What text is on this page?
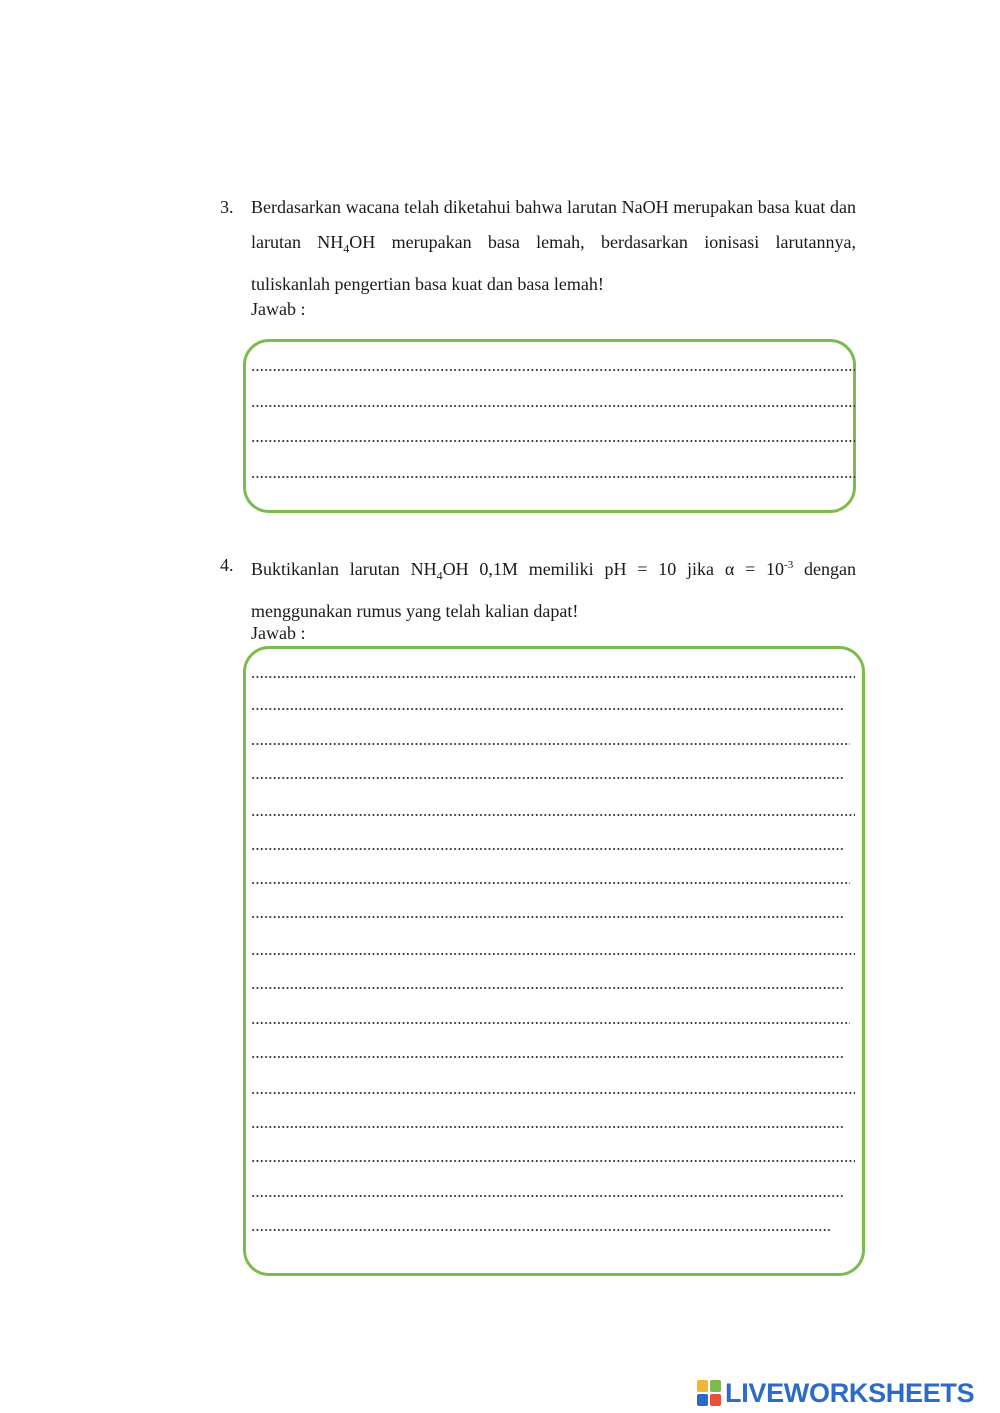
3. Berdasarkan wacana telah diketahui bahwa larutan NaOH merupakan basa kuat dan larutan $NH_4OH$ merupakan basa lemah, berdasarkan ionisasi larutannya, tuliskanlah pengertian basa kuat dan basa lemah!
Jawab :
4. Buktikanlan larutan $NH_4OH$ 0,1M memiliki pH = 10 jika $\alpha = 10^{-3}$ dengan menggunakan rumus yang telah kalian dapat!
Jawab :
LIVEWORKSHEETS
